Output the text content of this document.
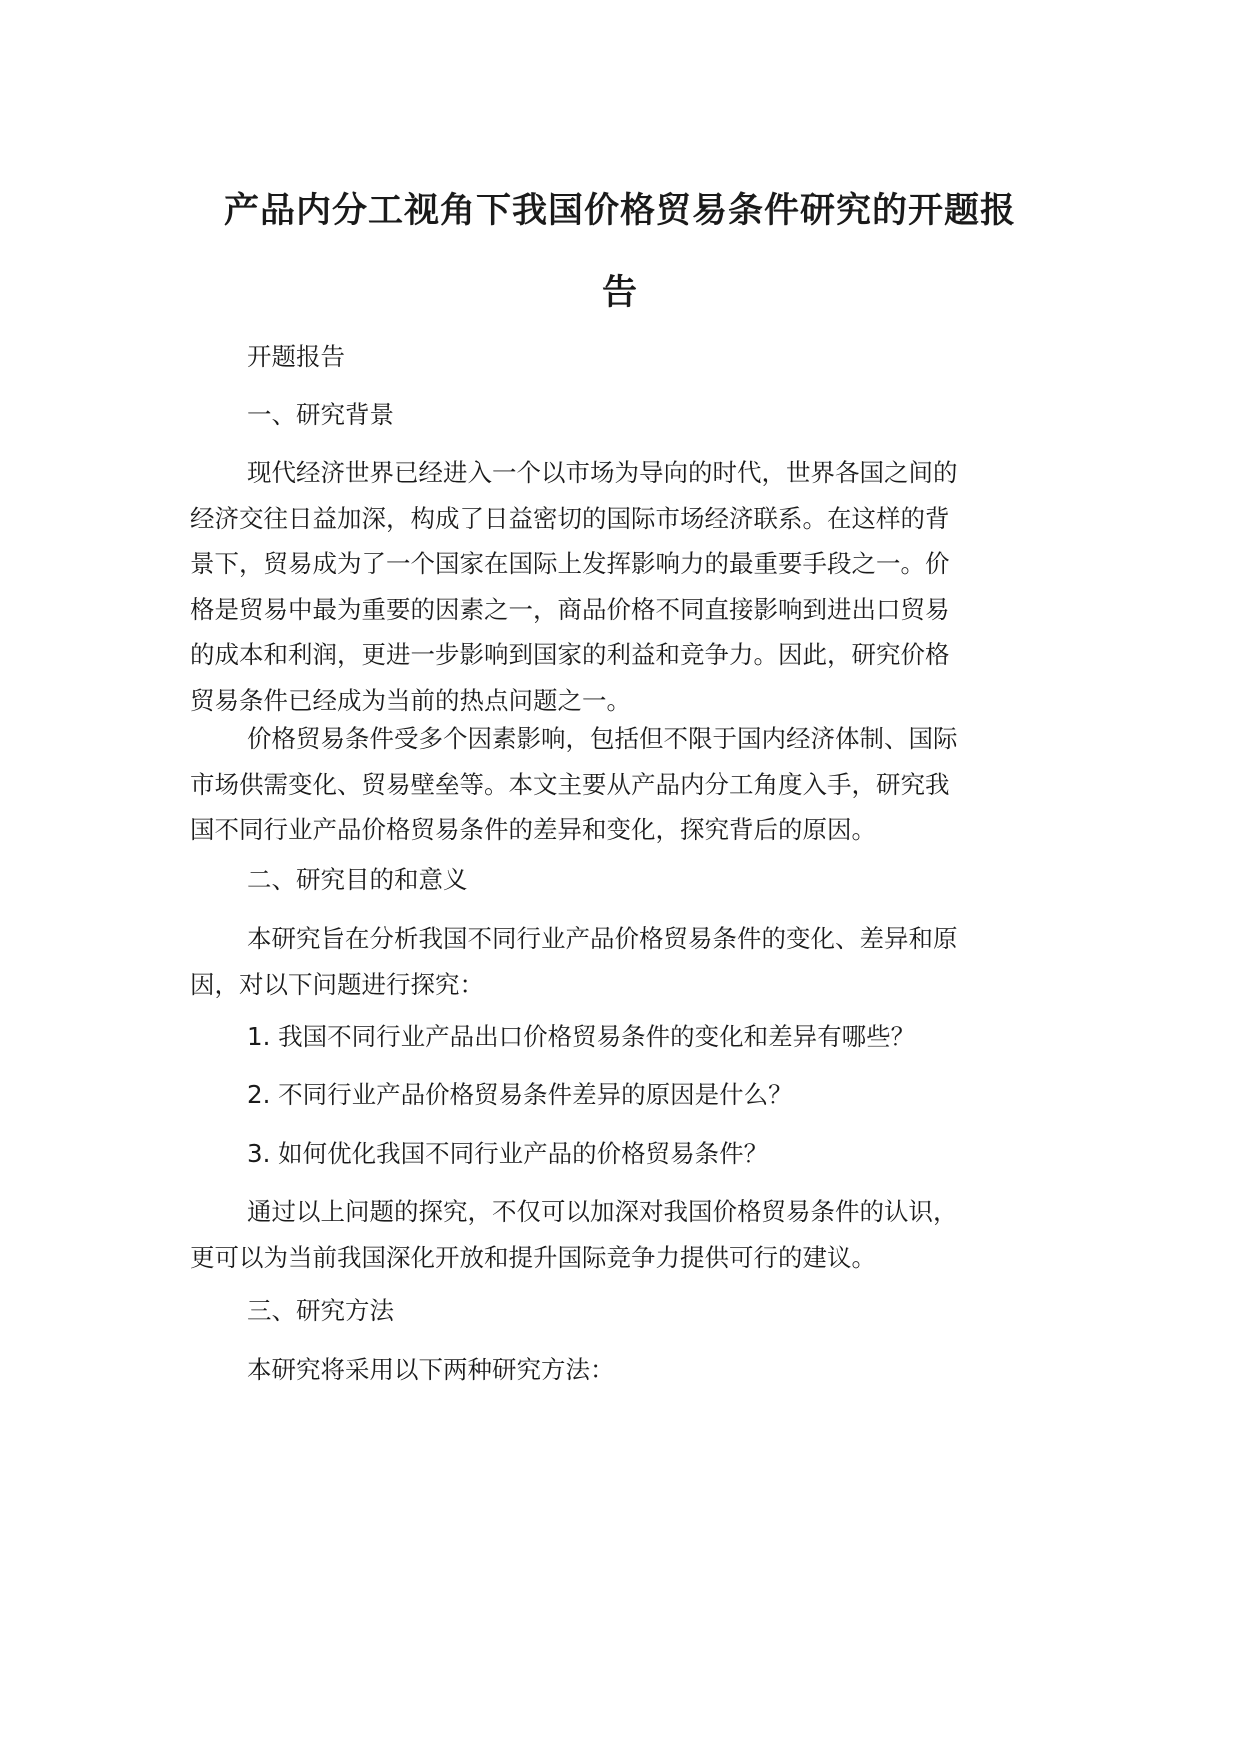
产品内分工视角下我国价格贸易条件研究的开题报
告
开题报告
一、研究背景
现代经济世界已经进入一个以市场为导向的时代，世界各国之间的
经济交往日益加深，构成了日益密切的国际市场经济联系。在这样的背
景下，贸易成为了一个国家在国际上发挥影响力的最重要手段之一。价
格是贸易中最为重要的因素之一，商品价格不同直接影响到进出口贸易
的成本和利润，更进一步影响到国家的利益和竞争力。因此，研究价格
贸易条件已经成为当前的热点问题之一。
价格贸易条件受多个因素影响，包括但不限于国内经济体制、国际
市场供需变化、贸易壁垒等。本文主要从产品内分工角度入手，研究我
国不同行业产品价格贸易条件的差异和变化，探究背后的原因。
二、研究目的和意义
本研究旨在分析我国不同行业产品价格贸易条件的变化、差异和原
因，对以下问题进行探究：
1. 我国不同行业产品出口价格贸易条件的变化和差异有哪些？
2. 不同行业产品价格贸易条件差异的原因是什么？
3. 如何优化我国不同行业产品的价格贸易条件？
通过以上问题的探究，不仅可以加深对我国价格贸易条件的认识，
更可以为当前我国深化开放和提升国际竞争力提供可行的建议。
三、研究方法
本研究将采用以下两种研究方法：
